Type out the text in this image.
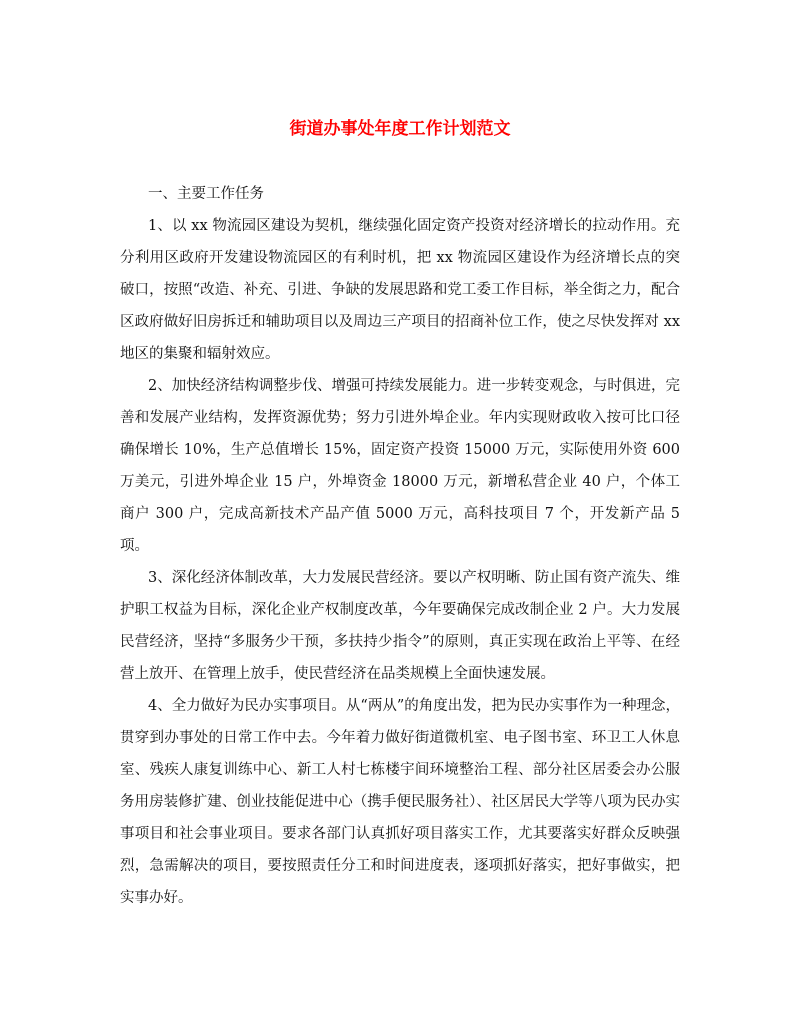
街道办事处年度工作计划范文

一、主要工作任务

1、以 xx 物流园区建设为契机，继续强化固定资产投资对经济增长的拉动作用。充分利用区政府开发建设物流园区的有利时机，把 xx 物流园区建设作为经济增长点的突破口，按照“改造、补充、引进、争缺的发展思路和党工委工作目标，举全街之力，配合区政府做好旧房拆迁和辅助项目以及周边三产项目的招商补位工作，使之尽快发挥对 xx 地区的集聚和辐射效应。

2、加快经济结构调整步伐、增强可持续发展能力。进一步转变观念，与时俱进，完善和发展产业结构，发挥资源优势；努力引进外埠企业。年内实现财政收入按可比口径确保增长 10%，生产总值增长 15%，固定资产投资 15000 万元，实际使用外资 600 万美元，引进外埠企业 15 户，外埠资金 18000 万元，新增私营企业 40 户，个体工商户 300 户，完成高新技术产品产值 5000 万元，高科技项目 7 个，开发新产品 5 项。

3、深化经济体制改革，大力发展民营经济。要以产权明晰、防止国有资产流失、维护职工权益为目标，深化企业产权制度改革，今年要确保完成改制企业 2 户。大力发展民营经济，坚持“多服务少干预，多扶持少指令”的原则，真正实现在政治上平等、在经营上放开、在管理上放手，使民营经济在品类规模上全面快速发展。

4、全力做好为民办实事项目。从“两从”的角度出发，把为民办实事作为一种理念，贯穿到办事处的日常工作中去。今年着力做好街道微机室、电子图书室、环卫工人休息室、残疾人康复训练中心、新工人村七栋楼宇间环境整治工程、部分社区居委会办公服务用房装修扩建、创业技能促进中心（携手便民服务社）、社区居民大学等八项为民办实事项目和社会事业项目。要求各部门认真抓好项目落实工作，尤其要落实好群众反映强烈，急需解决的项目，要按照责任分工和时间进度表，逐项抓好落实，把好事做实，把实事办好。
